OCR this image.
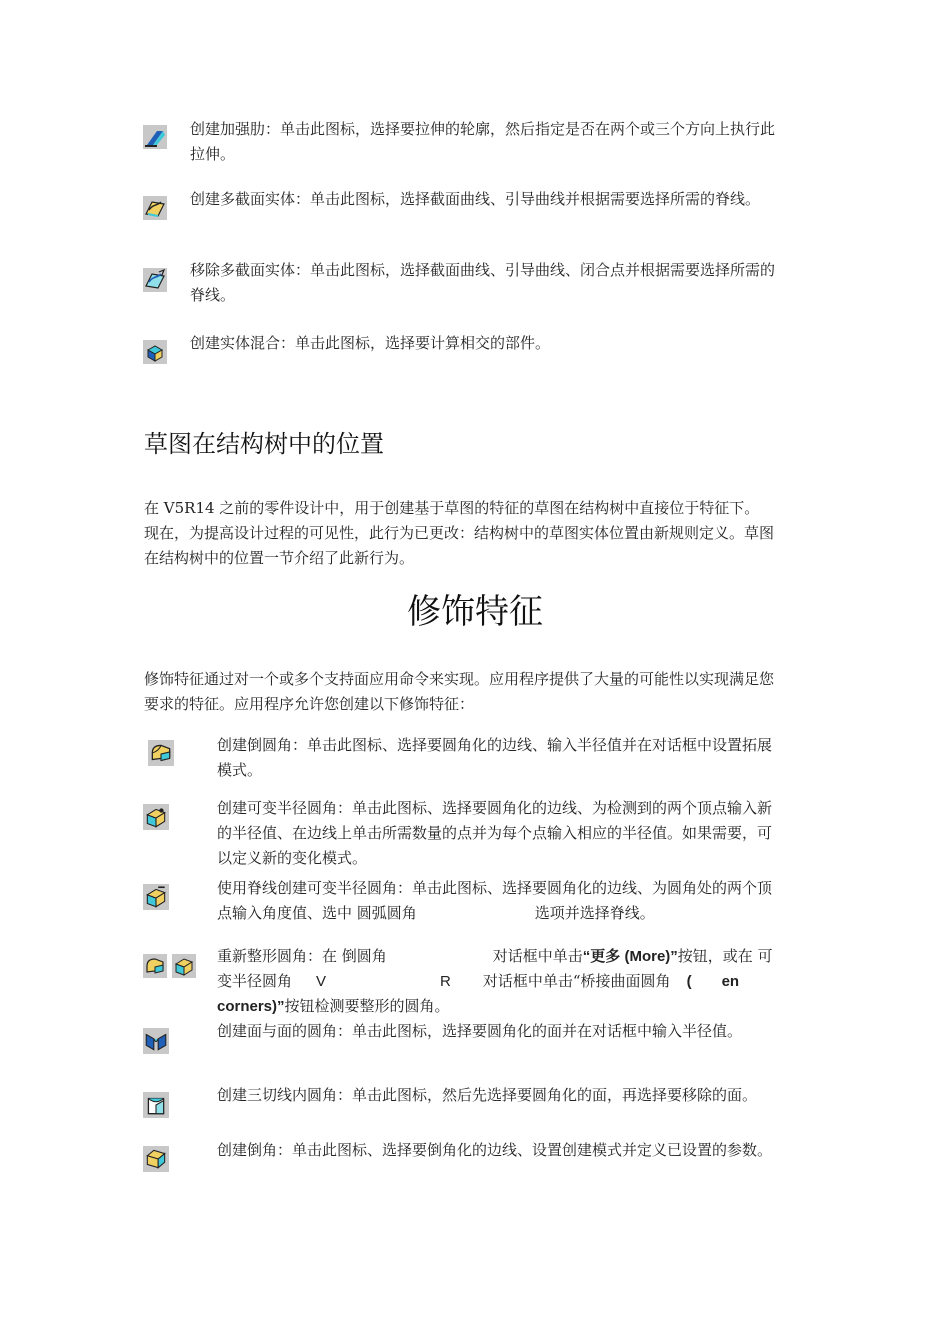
创建加强肋：单击此图标，选择要拉伸的轮廓，然后指定是否在两个或三个方向上执行此
拉伸。
创建多截面实体：单击此图标，选择截面曲线、引导曲线并根据需要选择所需的脊线。
移除多截面实体：单击此图标，选择截面曲线、引导曲线、闭合点并根据需要选择所需的
脊线。
创建实体混合：单击此图标，选择要计算相交的部件。
草图在结构树中的位置
在 V5R14 之前的零件设计中，用于创建基于草图的特征的草图在结构树中直接位于特征下。
现在，为提高设计过程的可见性，此行为已更改：结构树中的草图实体位置由新规则定义。草图
在结构树中的位置一节介绍了此新行为。
修饰特征
修饰特征通过对一个或多个支持面应用命令来实现。应用程序提供了大量的可能性以实现满足您
要求的特征。应用程序允许您创建以下修饰特征：
创建倒圆角：单击此图标、选择要圆角化的边线、输入半径值并在对话框中设置拓展
模式。
创建可变半径圆角：单击此图标、选择要圆角化的边线、为检测到的两个顶点输入新
的半径值、在边线上单击所需数量的点并为每个点输入相应的半径值。如果需要，可
以定义新的变化模式。
使用脊线创建可变半径圆角：单击此图标、选择要圆角化的边线、为圆角处的两个顶
点输入角度值、选中 圆弧圆角	选项并选择脊线。
重新整形圆角：在 倒圆角	对话框中单击“更多 (More)”按钮，或在 可
变半径圆角 V	R 对话框中单击“桥接曲面圆角 ( en
corners)”按钮检测要整形的圆角。
创建面与面的圆角：单击此图标，选择要圆角化的面并在对话框中输入半径值。
创建三切线内圆角：单击此图标，然后先选择要圆角化的面，再选择要移除的面。
创建倒角：单击此图标、选择要倒角化的边线、设置创建模式并定义已设置的参数。
